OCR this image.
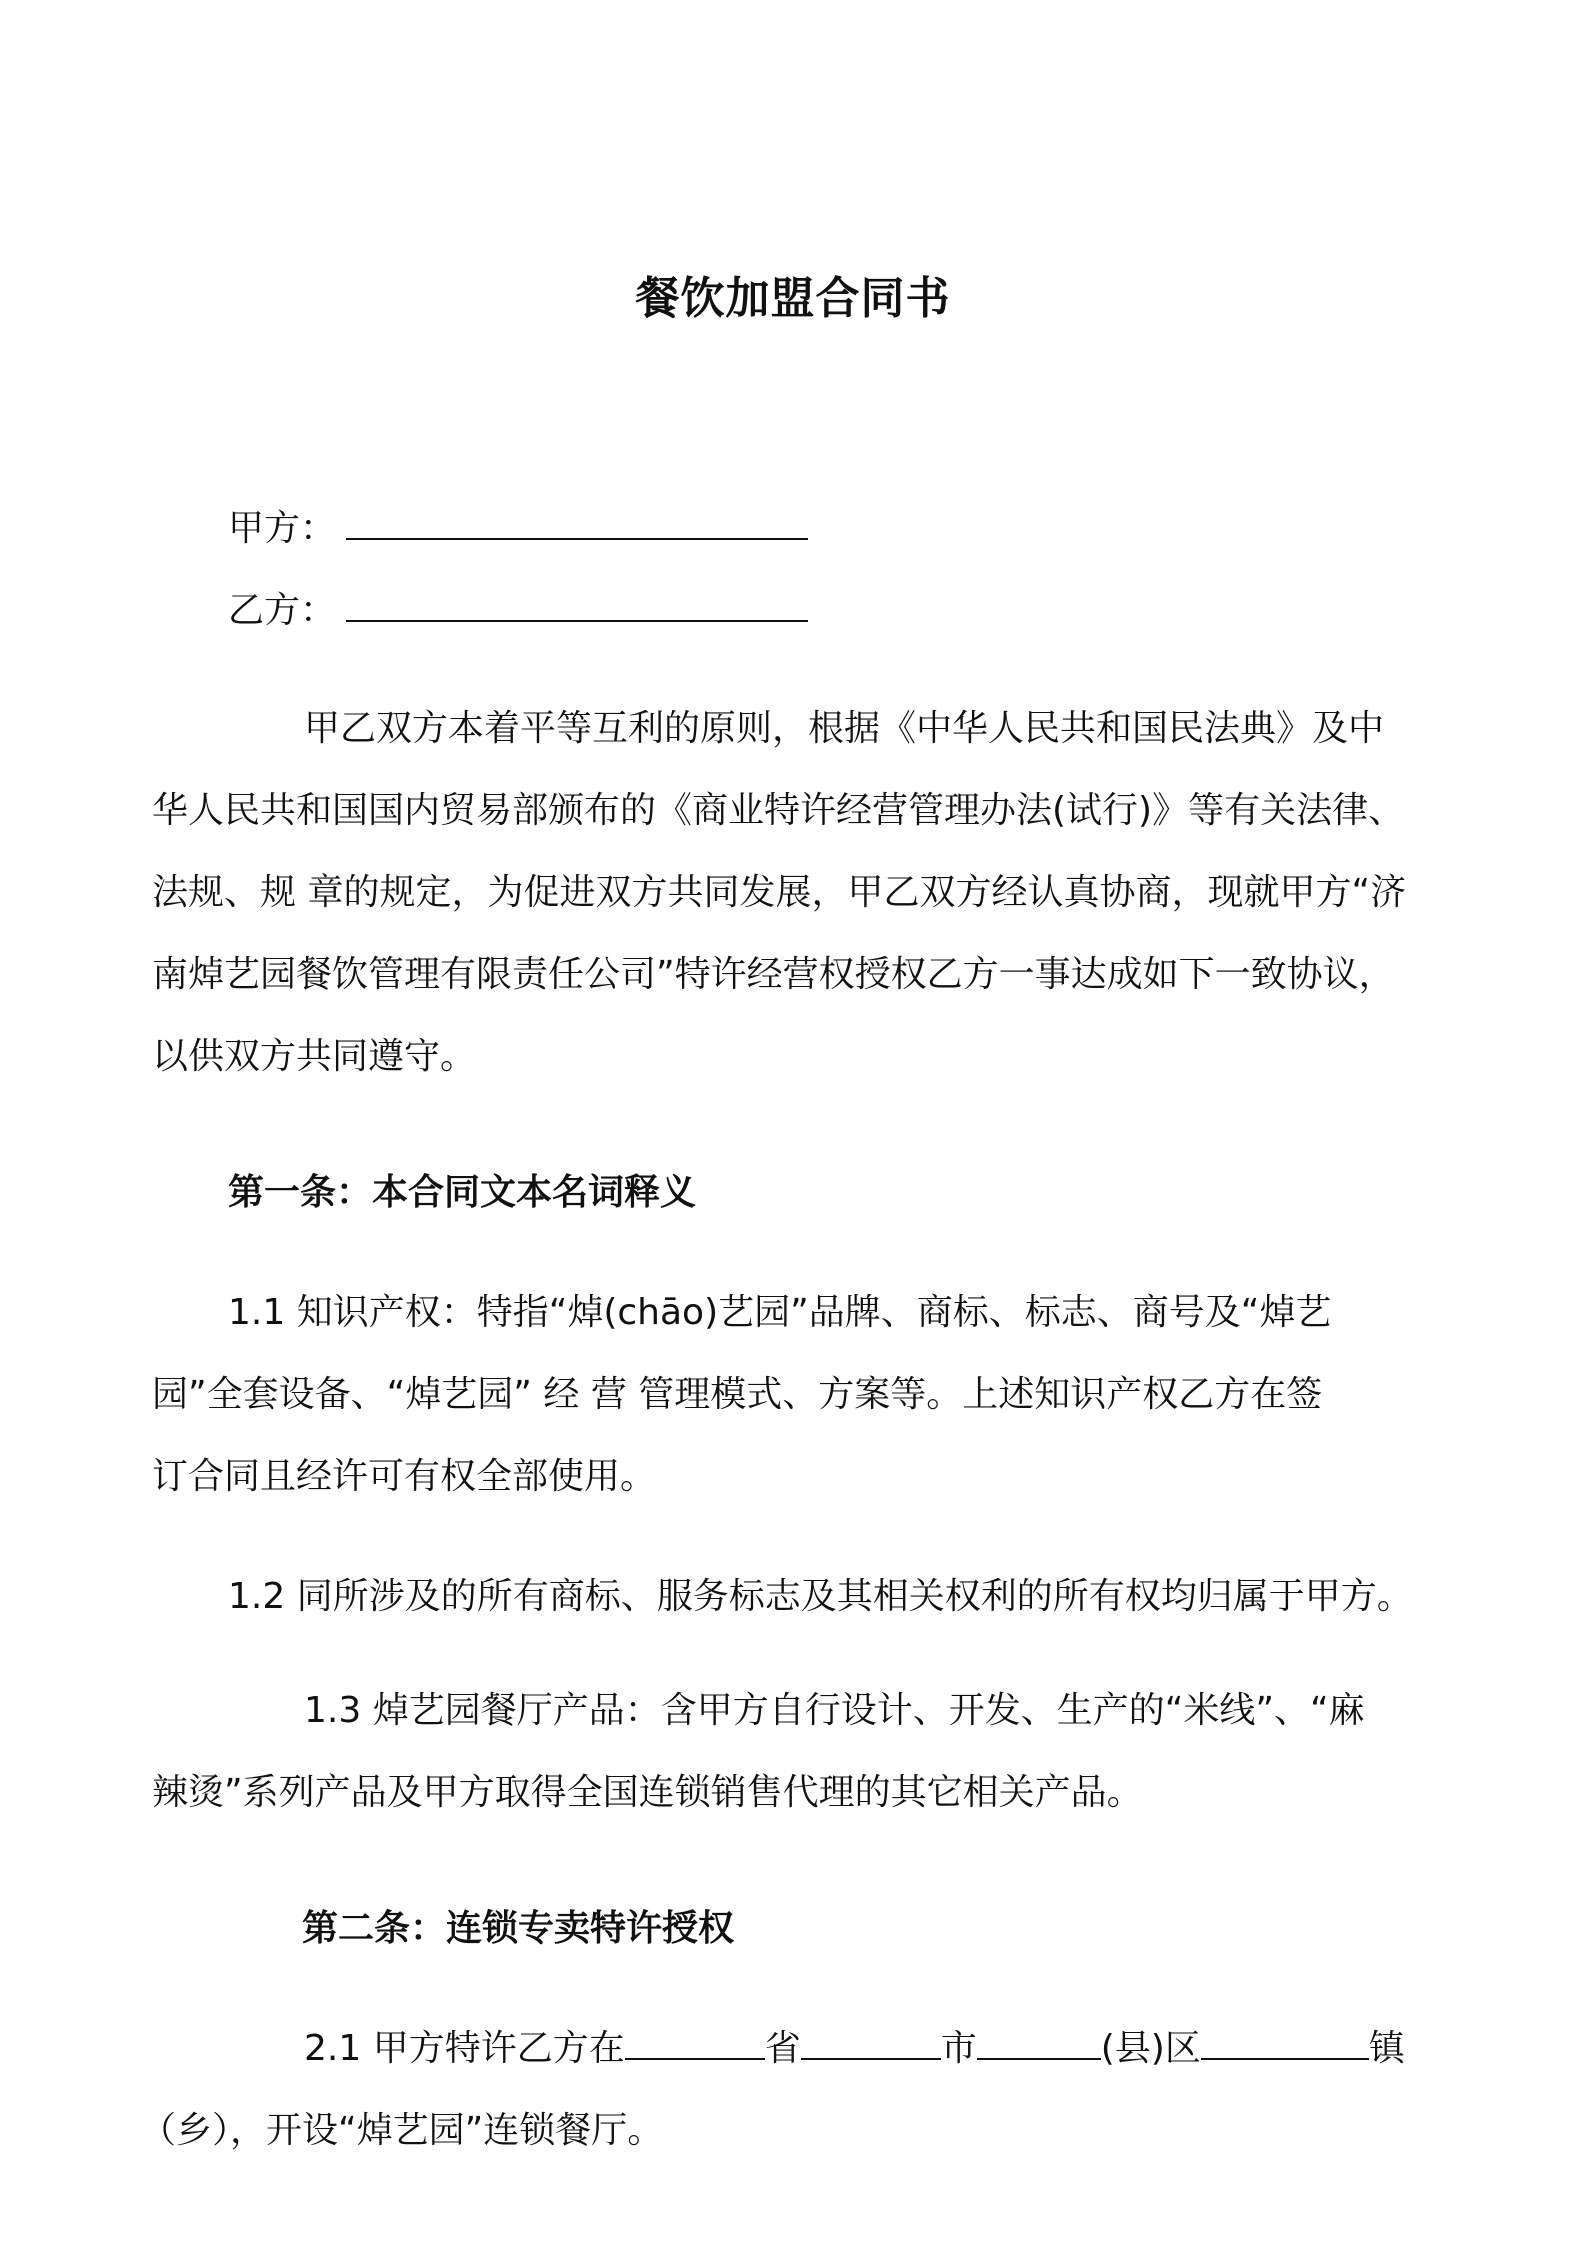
餐饮加盟合同书
甲方：
乙方：
甲乙双方本着平等互利的原则，根据《中华人民共和国民法典》及中
华人民共和国国内贸易部颁布的《商业特许经营管理办法(试行)》等有关法律、
法规、规 章的规定，为促进双方共同发展，甲乙双方经认真协商，现就甲方“济
南焯艺园餐饮管理有限责任公司”特许经营权授权乙方一事达成如下一致协议，
以供双方共同遵守。
第一条：本合同文本名词释义
1.1 知识产权：特指“焯(chāo)艺园”品牌、商标、标志、商号及“焯艺
园”全套设备、“焯艺园” 经 营 管理模式、方案等。上述知识产权乙方在签
订合同且经许可有权全部使用。
1.2 同所涉及的所有商标、服务标志及其相关权利的所有权均归属于甲方。
1.3 焯艺园餐厅产品：含甲方自行设计、开发、生产的“米线”、“麻
辣烫”系列产品及甲方取得全国连锁销售代理的其它相关产品。
第二条：连锁专卖特许授权
2.1 甲方特许乙方在	省	市	(县)区	镇
（乡），开设“焯艺园”连锁餐厅。
